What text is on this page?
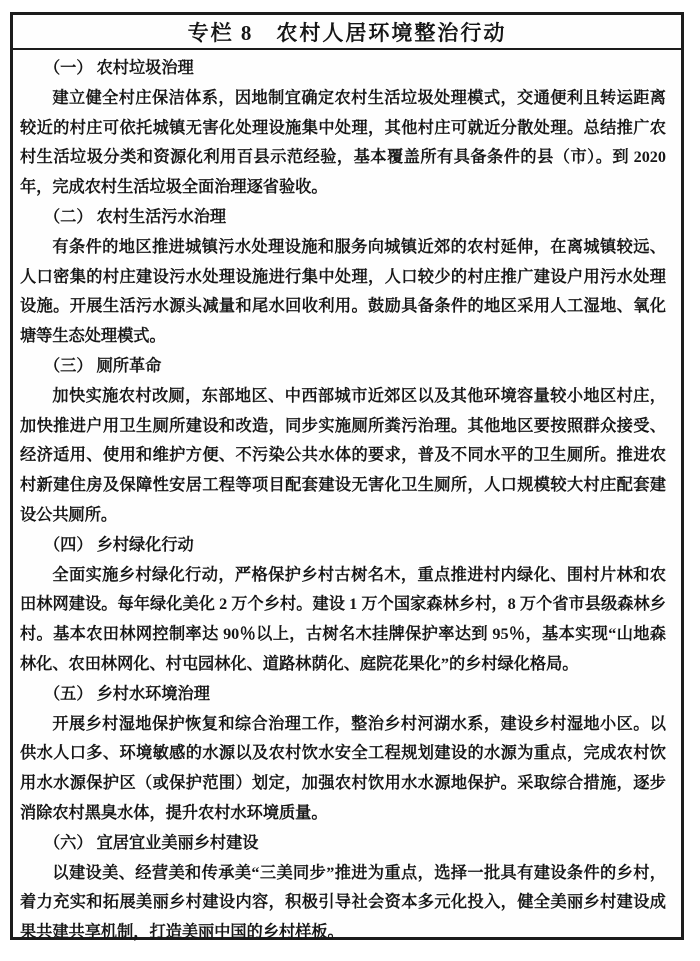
专栏 8　农村人居环境整治行动

（一） 农村垃圾治理

建立健全村庄保洁体系，因地制宜确定农村生活垃圾处理模式，交通便利且转运距离较近的村庄可依托城镇无害化处理设施集中处理，其他村庄可就近分散处理。总结推广农村生活垃圾分类和资源化利用百县示范经验，基本覆盖所有具备条件的县（市）。到 2020 年，完成农村生活垃圾全面治理逐省验收。

（二） 农村生活污水治理

有条件的地区推进城镇污水处理设施和服务向城镇近郊的农村延伸，在离城镇较远、人口密集的村庄建设污水处理设施进行集中处理，人口较少的村庄推广建设户用污水处理设施。开展生活污水源头减量和尾水回收利用。鼓励具备条件的地区采用人工湿地、氧化塘等生态处理模式。

（三） 厕所革命

加快实施农村改厕，东部地区、中西部城市近郊区以及其他环境容量较小地区村庄，加快推进户用卫生厕所建设和改造，同步实施厕所粪污治理。其他地区要按照群众接受、经济适用、使用和维护方便、不污染公共水体的要求，普及不同水平的卫生厕所。推进农村新建住房及保障性安居工程等项目配套建设无害化卫生厕所，人口规模较大村庄配套建设公共厕所。

（四） 乡村绿化行动

全面实施乡村绿化行动，严格保护乡村古树名木，重点推进村内绿化、围村片林和农田林网建设。每年绿化美化 2 万个乡村。建设 1 万个国家森林乡村，8 万个省市县级森林乡村。基本农田林网控制率达 90％以上，古树名木挂牌保护率达到 95％，基本实现“山地森林化、农田林网化、村屯园林化、道路林荫化、庭院花果化”的乡村绿化格局。

（五） 乡村水环境治理

开展乡村湿地保护恢复和综合治理工作，整治乡村河湖水系，建设乡村湿地小区。以供水人口多、环境敏感的水源以及农村饮水安全工程规划建设的水源为重点，完成农村饮用水水源保护区（或保护范围）划定，加强农村饮用水水源地保护。采取综合措施，逐步消除农村黑臭水体，提升农村水环境质量。

（六） 宜居宜业美丽乡村建设

以建设美、经营美和传承美“三美同步”推进为重点，选择一批具有建设条件的乡村，着力充实和拓展美丽乡村建设内容，积极引导社会资本多元化投入，健全美丽乡村建设成果共建共享机制，打造美丽中国的乡村样板。
